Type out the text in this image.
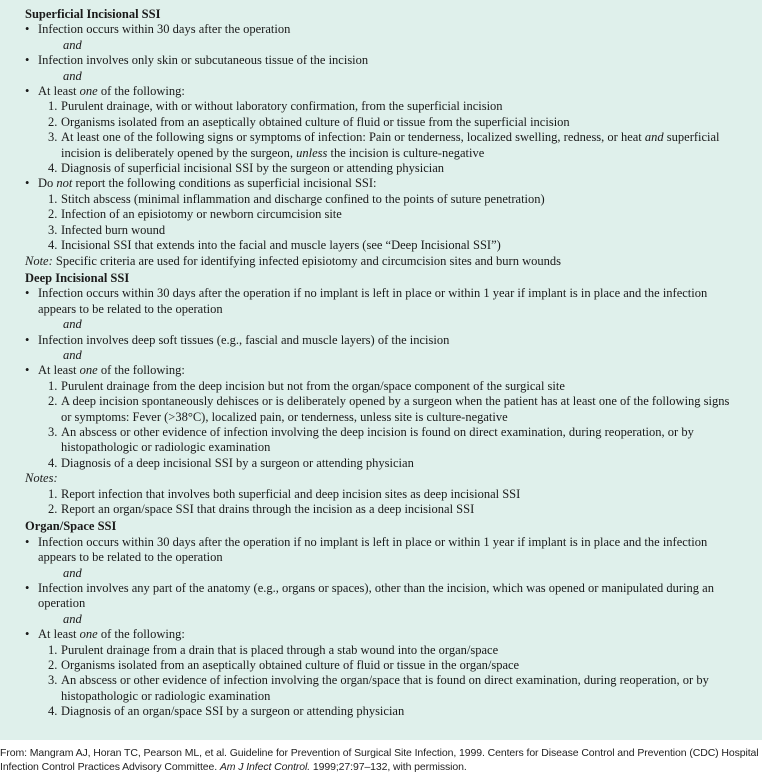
Superficial Incisional SSI

• Infection occurs within 30 days after the operation
and
• Infection involves only skin or subcutaneous tissue of the incision
and
• At least one of the following:
1. Purulent drainage, with or without laboratory confirmation, from the superficial incision
2. Organisms isolated from an aseptically obtained culture of fluid or tissue from the superficial incision
3. At least one of the following signs or symptoms of infection: Pain or tenderness, localized swelling, redness, or heat and superficial incision is deliberately opened by the surgeon, unless the incision is culture-negative
4. Diagnosis of superficial incisional SSI by the surgeon or attending physician
• Do not report the following conditions as superficial incisional SSI:
1. Stitch abscess (minimal inflammation and discharge confined to the points of suture penetration)
2. Infection of an episiotomy or newborn circumcision site
3. Infected burn wound
4. Incisional SSI that extends into the facial and muscle layers (see “Deep Incisional SSI”)
Note: Specific criteria are used for identifying infected episiotomy and circumcision sites and burn wounds

Deep Incisional SSI

• Infection occurs within 30 days after the operation if no implant is left in place or within 1 year if implant is in place and the infection appears to be related to the operation
and
• Infection involves deep soft tissues (e.g., fascial and muscle layers) of the incision
and
• At least one of the following:
1. Purulent drainage from the deep incision but not from the organ/space component of the surgical site
2. A deep incision spontaneously dehisces or is deliberately opened by a surgeon when the patient has at least one of the following signs or symptoms: Fever (>38°C), localized pain, or tenderness, unless site is culture-negative
3. An abscess or other evidence of infection involving the deep incision is found on direct examination, during reoperation, or by histopathologic or radiologic examination
4. Diagnosis of a deep incisional SSI by a surgeon or attending physician
Notes:
1. Report infection that involves both superficial and deep incision sites as deep incisional SSI
2. Report an organ/space SSI that drains through the incision as a deep incisional SSI

Organ/Space SSI

• Infection occurs within 30 days after the operation if no implant is left in place or within 1 year if implant is in place and the infection appears to be related to the operation
and
• Infection involves any part of the anatomy (e.g., organs or spaces), other than the incision, which was opened or manipulated during an operation
and
• At least one of the following:
1. Purulent drainage from a drain that is placed through a stab wound into the organ/space
2. Organisms isolated from an aseptically obtained culture of fluid or tissue in the organ/space
3. An abscess or other evidence of infection involving the organ/space that is found on direct examination, during reoperation, or by histopathologic or radiologic examination
4. Diagnosis of an organ/space SSI by a surgeon or attending physician
From: Mangram AJ, Horan TC, Pearson ML, et al. Guideline for Prevention of Surgical Site Infection, 1999. Centers for Disease Control and Prevention (CDC) Hospital Infection Control Practices Advisory Committee. Am J Infect Control. 1999;27:97–132, with permission.
